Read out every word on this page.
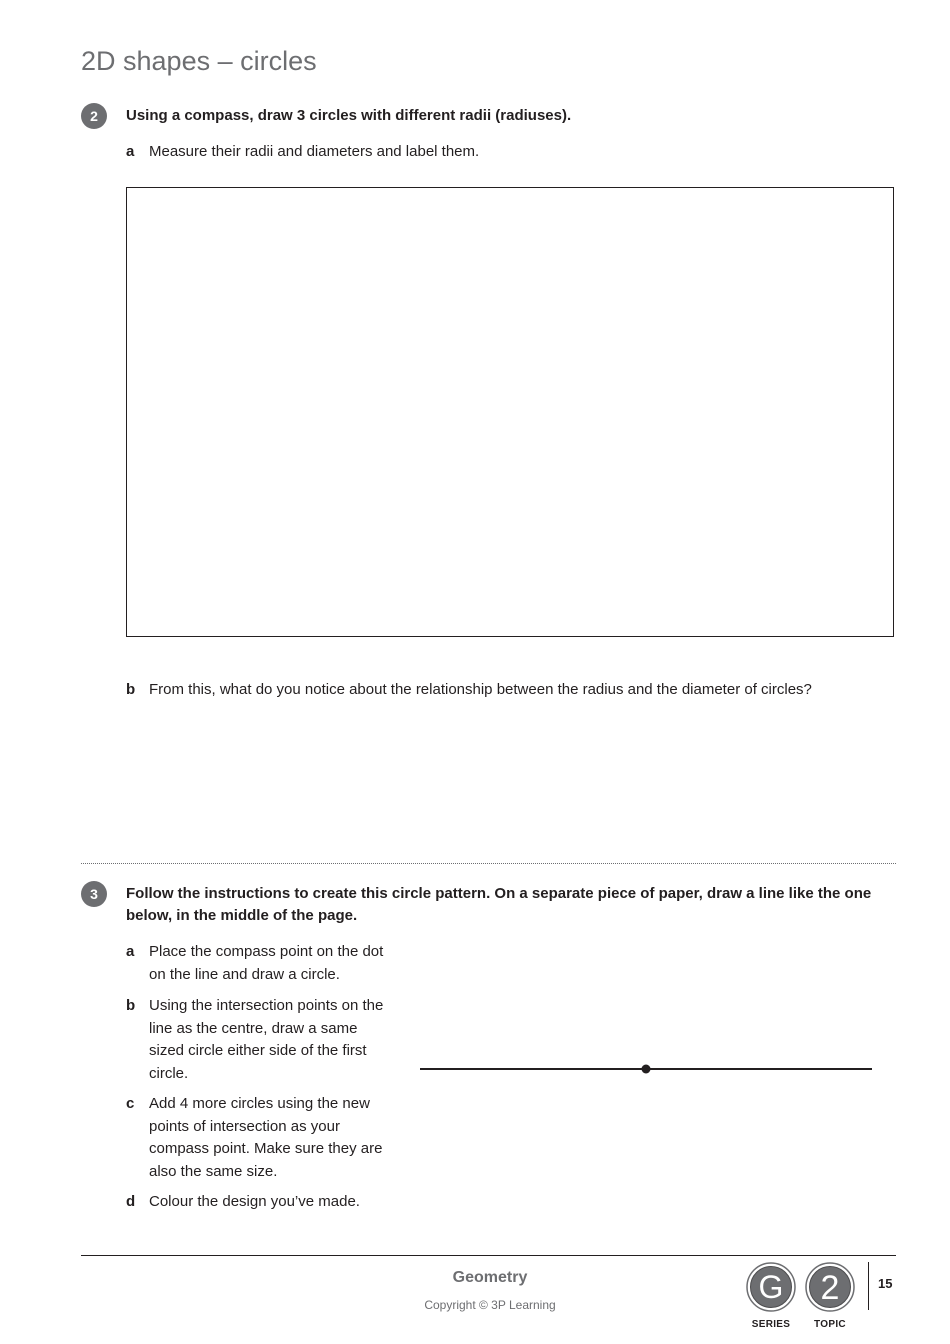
2D shapes – circles
2	Using a compass, draw 3 circles with different radii (radiuses).

a Measure their radii and diameters and label them.
b From this, what do you notice about the relationship between the radius and the diameter of circles?
3	Follow the instructions to create this circle pattern. On a separate piece of paper, draw a line like the one below, in the middle of the page.

a Place the compass point on the dot on the line and draw a circle.
b Using the intersection points on the line as the centre, draw a same sized circle either side of the first circle.
c Add 4 more circles using the new points of intersection as your compass point. Make sure they are also the same size.
d Colour the design you’ve made.
Geometry
Copyright © 3P Learning	G
SERIES
2
TOPIC
15
